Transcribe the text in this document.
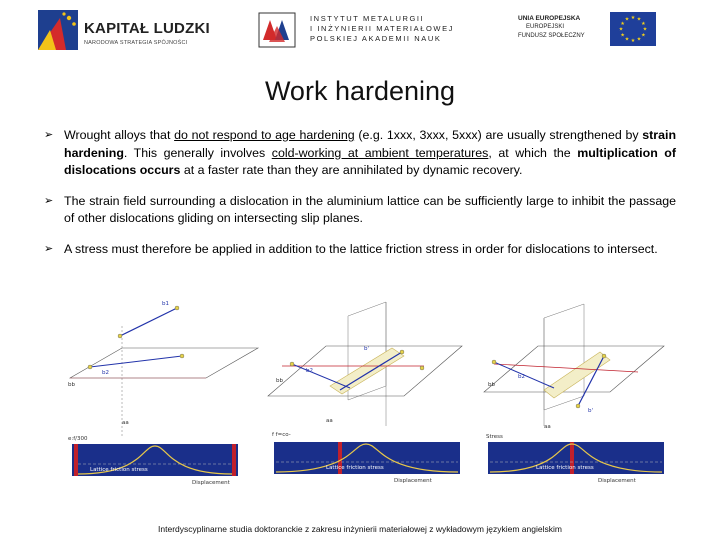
KAPITAŁ LUDZKI
NARODOWA STRATEGIA SPÓJNOŚCI
INSTYTUT METALURGII
I INŻYNIERII MATERIAŁOWEJ
POLSKIEJ AKADEMII NAUK
UNIA EUROPEJSKA
EUROPEJSKI
FUNDUSZ SPOŁECZNY
★ ★
★
★
★
★
★
★
★
★
★
★
Work hardening
➢ Wrought alloys that do not respond to age hardening (e.g. 1xxx, 3xxx, 5xxx) are usually strengthened by strain hardening. This generally involves cold-working at ambient temperatures, at which the multiplication of dislocations occurs at a faster rate than they are annihilated by dynamic recovery.
➢ The strain field surrounding a dislocation in the aluminium lattice can be sufficiently large to inhibit the passage of other dislocations gliding on intersecting slip planes.
➢ A stress must therefore be applied in addition to the lattice friction stress in order for dislocations to intersect.
b1
b2
bb
aa
e:f/300
Lattice friction stress
Displacement
b'
b2
bb
aa
f f=co-
Lattice friction stress
Displacement
b'
b2
bb
aa
Stress
Lattice friction stress
Displacement
Interdyscyplinarne studia doktoranckie z zakresu inżynierii materiałowej z wykładowym językiem angielskim
